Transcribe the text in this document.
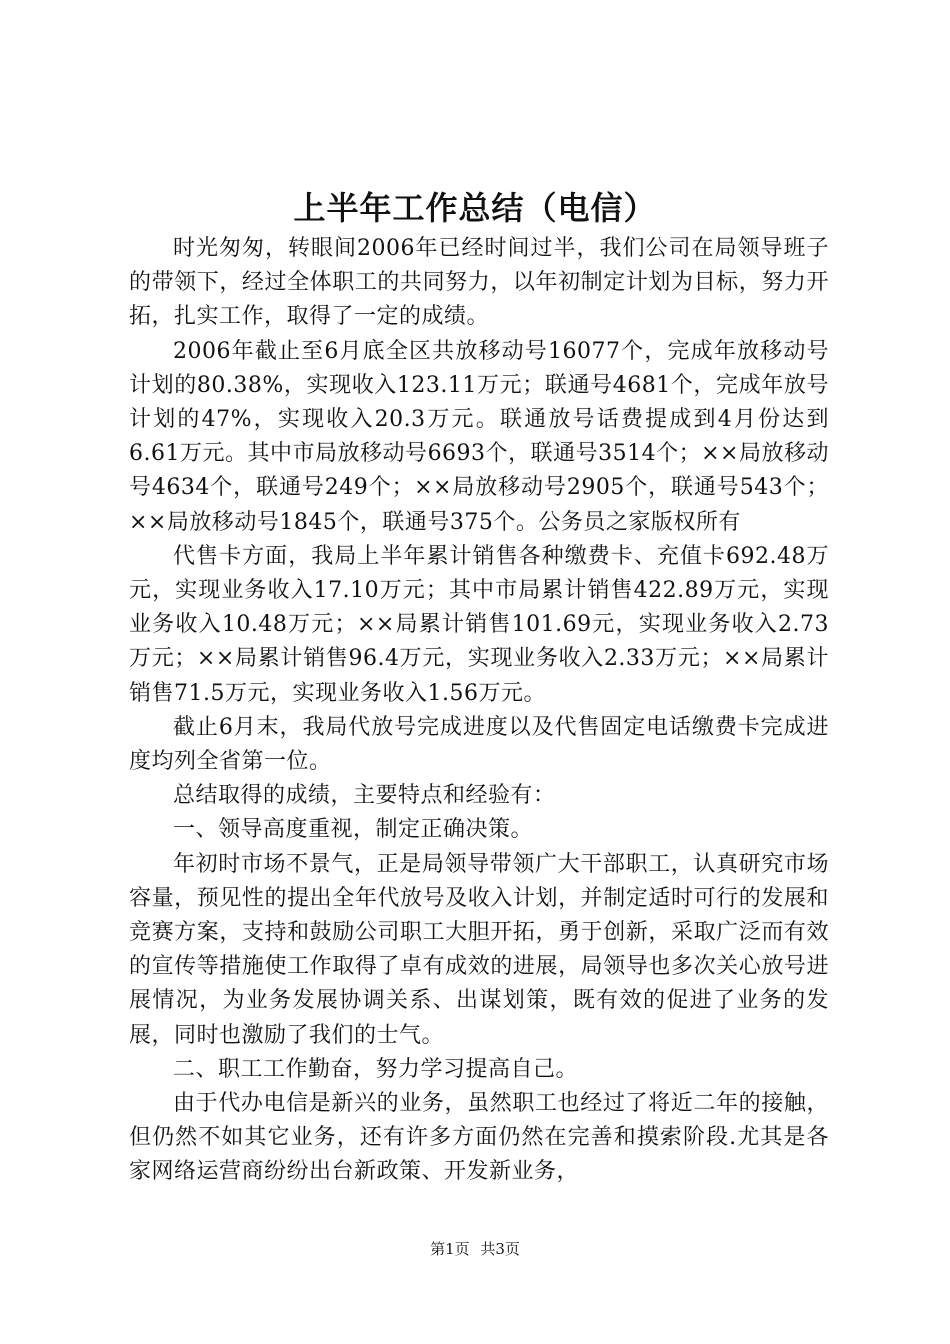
上半年工作总结（电信）

时光匆匆，转眼间2006年已经时间过半，我们公司在局领导班子的带领下，经过全体职工的共同努力，以年初制定计划为目标，努力开拓，扎实工作，取得了一定的成绩。

2006年截止至6月底全区共放移动号16077个，完成年放移动号计划的80.38%，实现收入123.11万元；联通号4681个，完成年放号计划的47%，实现收入20.3万元。联通放号话费提成到4月份达到6.61万元。其中市局放移动号6693个，联通号3514个；××局放移动号4634个，联通号249个；××局放移动号2905个，联通号543个；××局放移动号1845个，联通号375个。公务员之家版权所有

代售卡方面，我局上半年累计销售各种缴费卡、充值卡692.48万元，实现业务收入17.10万元；其中市局累计销售422.89万元，实现业务收入10.48万元；××局累计销售101.69元，实现业务收入2.73万元；××局累计销售96.4万元，实现业务收入2.33万元；××局累计销售71.5万元，实现业务收入1.56万元。

截止6月末，我局代放号完成进度以及代售固定电话缴费卡完成进度均列全省第一位。

总结取得的成绩，主要特点和经验有：

一、领导高度重视，制定正确决策。

年初时市场不景气，正是局领导带领广大干部职工，认真研究市场容量，预见性的提出全年代放号及收入计划，并制定适时可行的发展和竞赛方案，支持和鼓励公司职工大胆开拓，勇于创新，采取广泛而有效的宣传等措施使工作取得了卓有成效的进展，局领导也多次关心放号进展情况，为业务发展协调关系、出谋划策，既有效的促进了业务的发展，同时也激励了我们的士气。

二、职工工作勤奋，努力学习提高自己。

由于代办电信是新兴的业务，虽然职工也经过了将近二年的接触，但仍然不如其它业务，还有许多方面仍然在完善和摸索阶段.尤其是各家网络运营商纷纷出台新政策、开发新业务，

第1页 共3页
